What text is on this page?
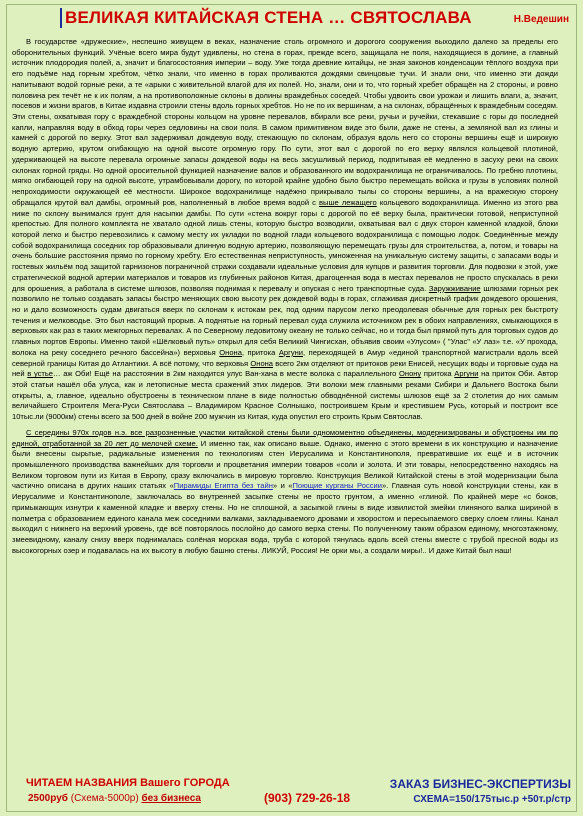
ВЕЛИКАЯ КИТАЙСКАЯ СТЕНА … СВЯТОСЛАВА	Н.Ведешин

В государстве «дружеские», неспешно живущем в веках, назначение столь огромного и дорогого сооружения выходило далеко за пределы его оборонительных функций. Учёные всего мира будут удивлены, но стена в горах, прежде всего, защищала не поля, находящиеся в долине, а главный источник плодородия полей, а, значит и благосостояния империи – воду. Уже тогда древние китайцы, не зная законов конденсации тёплого воздуха при его подъёме над горным хребтом, чётко знали, что именно в горах проливаются дождями свинцовые тучи. И знали они, что именно эти дожди напитывают водой горные реки, а те «арыки с живительной влагой для их полей. Но, знали, они и то, что горный хребет обращён на 2 стороны, и ровно половина рек течёт не к их полям, а на противоположные склоны в долины враждебных соседей. Чтобы удвоить свои урожаи и лишить влаги, а, значит, посевов и жизни врагов, в Китае издавна строили стены вдоль горных хребтов. Но не по их вершинам, а на склонах, обращённых к враждебным соседям. Эти стены, охватывая гору с враждебной стороны кольцом на уровне перевалов, вбирали все реки, ручьи и ручейки, стекавшие с горы до последней капли, направляя воду в обход горы через седловины на свои поля. В самом примитивном виде это были, даже не стены, а земляной вал из глины и камней с дорогой по верху. Этот вал задерживал дождевую воду, стекающую по склонам, образуя вдоль него со стороны вершины ещё и широкую водную артерию, крутом огибающую на одной высоте огромную гору. По сути, этот вал с дорогой по его верху являлся кольцевой плотиной, удерживающей на высоте перевала огромные запасы дождевой воды на весь засушливый период, подпитывая её медленно в засуху реки на своих склонах горной гряды. Но одной оросительной функцией назначение валов и образованного им водохранилища не ограничивалось. По гребню плотины, мягко огибающей гору на одной высоте, утрамбовывали дорогу, по которой крайне удобно было быстро перемещать войска и грузы в условиях полной непроходимости окружающей её местности. Широкое водохранилище надёжно прикрывало тылы со стороны вершины, а на вражескую сторону обращался крутой вал дамбы, огромный ров, наполненный в любое время водой с выше лежащего кольцевого водохранилища. Именно из этого рва ниже по склону вынимался грунт для насыпки дамбы. По сути «стена вокруг горы с дорогой по её верху была, практически готовой, неприступной крепостью. Для полного комплекта не хватало одной лишь стены, которую быстро возводили, охватывая вал с двух сторон каменной кладкой, блоки которой легко и быстро перевозились к самому месту их укладки по водной глади кольцевого водохранилища с помощью лодок. Соединённые между собой водохранилища соседних гор образовывали длинную водную артерию, позволяющую перемещать грузы для строительства, а, потом, и товары на очень большие расстояния прямо по горному хребту. Его естественная неприступность, умноженная на уникальную систему защиты, с запасами воды и гостевых жильём под защитой гарнизонов пограничной стражи создавали идеальные условия для купцов и развития торговли. Для подвозки к этой, уже стратегической водной артерии материалов и товаров из глубинных районов Китая, драгоценная вода в местах перевалов не просто спускалась в реки для орошения, а работала в системе шлюзов, позволяя поднимая к перевалу и опуская с него транспортные суда. Заружживание шлюзами горных рек позволило не только создавать запасы быстро меняющих свою высоту рек дождевой воды в горах, сглаживая дискретный график дождевого орошения, но и дало возможность судам двигаться вверх по склонам к истокам рек, под одним парусом легко преодолевая обычные для горных рек быстроту течения и мелководье. Это был настоящий прорыв. А поднятые на горный перевал суда служила источником рек в обоих направлениях, смыкающихся в верховьях как раз в таких межгорных перевалах. А по Северному ледовитому океану не только сейчас, но и тогда был прямой путь для торговых судов до главных портов Европы. Именно такой «Шёлковый путь» открыл для себя Великий Чингисхан, объявив своим «Улусом» ( "Улас" «У лаз» т.е. «У прохода, волока на реку соседнего речного бассейна») верховья Онона, притока Аргуни, переходящей в Амур «единой транспортной магистрали вдоль всей северной границы Китая до Атлантики. А всё потому, что верховья Онона всего 2км отделяют от притоков реки Енисей, несущих воды и торговые суда на ней в устье… аж Оби! Ещё на расстоянии в 2км находится улус Ван-хана в месте волока с параллельного Онону притока Аргуни на приток Оби. Автор этой статьи нашёл оба улуса, как и летописные места сражений этих лидеров. Эти волоки меж главными реками Сибири и Дальнего Востока были открыты, а, главное, идеально обустроены в техническом плане в виде полностью обводнённой системы шлюзов ещё за 2 столетия до них самым величайшего Строителя Мега-Руси Святослава – Владимиром Красное Солнышко, построившем Крым и крестившем Русь, который и построит все 10тыс.ли (9000км) стены всего за 500 дней в войне 200 мужчин из Китая, куда опустил его строить Крым Святослав.

С середины 970х годов н.э. все разрозненные участки китайской стены были одномоментно объединены, модернизированы и обустроены им по единой, отработанной за 20 лет до мелочей схеме. И именно так, как описано выше. Однако, именно с этого времени в их конструкцию и назначение были внесены сырьтые, радикальные изменения по технологиям стен Иерусалима и Константинополя, превратившие их ещё и в источник промышленного производства важнейших для торговли и процветания империи товаров «соли и золота. И эти товары, непосредственно находясь на Великом торговом пути из Китая в Европу, сразу включались в мировую торговлю. Конструкция Великой Китайской стены в этой модернизации была частично описана в других наших статьях «Пирамиды Египта без тайн» и «Поющие курганы России». Главная суть новой конструкции стены, как в Иерусалиме и Константинополе, заключалась во внутренней засыпке стены не просто грунтом, а именно «глиной. По крайней мере «с боков, примыкающих изнутри к каменной кладке и вверху стены. Но не сплошной, а засыпкой глины в виде извилистой змейки глиняного валка шириной в полметра с образованием единого канала меж соседними валками, закладываемого дровами и хворостом и пересыпаемого сверху слоем глины. Канал выходил с нижнего на верхний уровень, где всё повторялось послойно до самого верха стены. По полученному таким образом единому, многоэтажному, змеевидному, каналу снизу вверх поднималась солёная морская вода, труба с которой тянулась вдоль всей стены вместе с трубой пресной воды из высокогорных озер и подавалась на их высоту в любую башню стены. ЛИКУЙ, Россия! Не орки мы, а создали миры!.. И даже Китай был наш!

ЧИТАЕМ НАЗВАНИЯ Вашего ГОРОДА
2500руб (Схема-5000р) без бизнеса	(903) 729-26-18
ЗАКАЗ БИЗНЕС-ЭКСПЕРТИЗЫ
СХЕМА=150/175тыс.р +50т.р/стр
